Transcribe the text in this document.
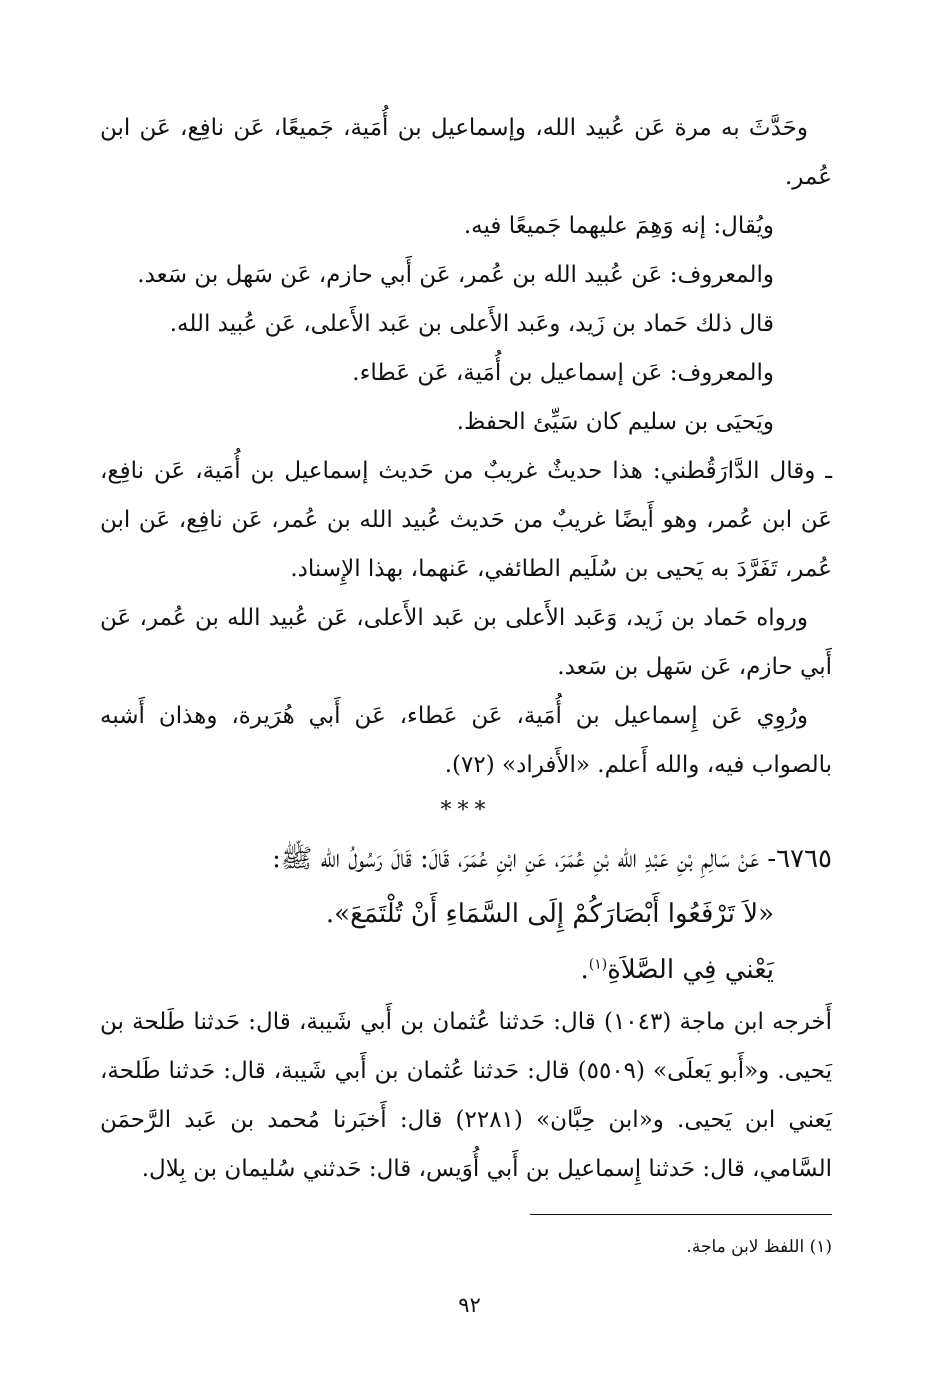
وحَدَّثَ به مرة عَن عُبيد الله، وإسماعيل بن أُمَية، جَميعًا، عَن نافِع، عَن ابن عُمر.

ويُقال: إنه وَهِمَ عليهما جَميعًا فيه.

والمعروف: عَن عُبيد الله بن عُمر، عَن أَبي حازم، عَن سَهل بن سَعد.

قال ذلك حَماد بن زَيد، وعَبد الأَعلى بن عَبد الأَعلى، عَن عُبيد الله.

والمعروف: عَن إسماعيل بن أُمَية، عَن عَطاء.

ويَحيَى بن سليم كان سَيِّئ الحفظ.

ـ وقال الدَّارَقُطني: هذا حديثٌ غريبٌ من حَديث إسماعيل بن أُمَية، عَن نافِع، عَن ابن عُمر، وهو أَيضًا غريبٌ من حَديث عُبيد الله بن عُمر، عَن نافِع، عَن ابن عُمر، تَفَرَّدَ به يَحيى بن سُلَيم الطائفي، عَنهما، بهذا الإِسناد.

ورواه حَماد بن زَيد، وَعَبد الأَعلى بن عَبد الأَعلى، عَن عُبيد الله بن عُمر، عَن أَبي حازم، عَن سَهل بن سَعد.

ورُوِي عَن إِسماعيل بن أُمَية، عَن عَطاء، عَن أَبي هُرَيرة، وهذان أَشبه بالصواب فيه، والله أَعلم. «الأَفراد» (٧٢).

***

٦٧٦٥- عَنْ سَالِمِ بْنِ عَبْدِ الله بْنِ عُمَرَ، عَنِ ابْنِ عُمَرَ، قَالَ: قَالَ رَسُولُ الله ﷺ:

«لاَ تَرْفَعُوا أَبْصَارَكُمْ إِلَى السَّمَاءِ أَنْ تُلْتَمَعَ».

يَعْني فِي الصَّلاَةِ$^{(١)}$.

أَخرجه ابن ماجة (١٠٤٣) قال: حَدثنا عُثمان بن أَبي شَيبة، قال: حَدثنا طَلحة بن يَحيى. و«أَبو يَعلَى» (٥٥٠٩) قال: حَدثنا عُثمان بن أَبي شَيبة، قال: حَدثنا طَلحة، يَعني ابن يَحيى. و«ابن حِبَّان» (٢٢٨١) قال: أَخبَرنا مُحمد بن عَبد الرَّحمَن السَّامي، قال: حَدثنا إِسماعيل بن أَبي أُوَيس، قال: حَدثني سُليمان بن بِلال.

(١) اللفظ لابن ماجة.
٩٢
